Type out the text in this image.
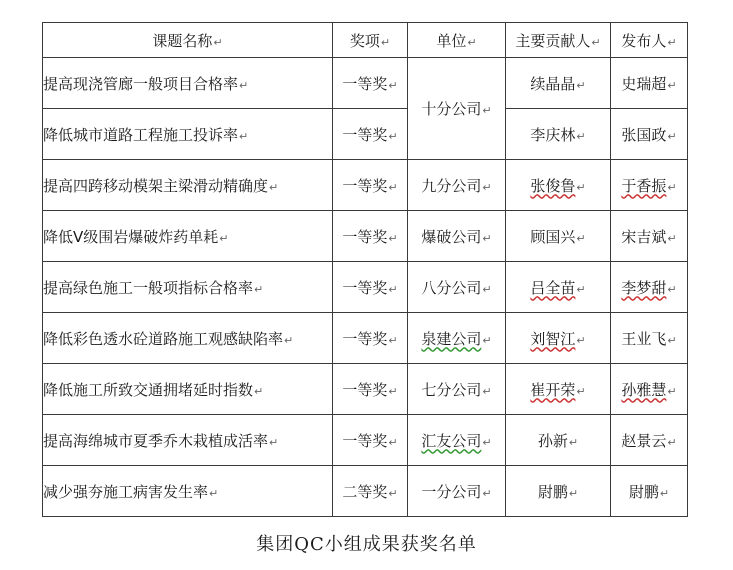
课题名称↵	奖项↵	单位↵	主要贡献人↵	发布人↵
提高现浇管廊一般项目合格率↵	一等奖↵	十分公司↵	续晶晶↵	史瑞超↵
降低城市道路工程施工投诉率↵	一等奖↵		李庆林↵	张国政↵
提高四跨移动模架主梁滑动精确度↵	一等奖↵	九分公司↵	张俊鲁↵	于香振↵
降低Ⅴ级围岩爆破炸药单耗↵	一等奖↵	爆破公司↵	顾国兴↵	宋吉斌↵
提高绿色施工一般项指标合格率↵	一等奖↵	八分公司↵	吕全苗↵	李梦甜↵
降低彩色透水砼道路施工观感缺陷率↵	一等奖↵	泉建公司↵	刘智江↵	王业飞↵
降低施工所致交通拥堵延时指数↵	一等奖↵	七分公司↵	崔开荣↵	孙雅慧↵
提高海绵城市夏季乔木栽植成活率↵	一等奖↵	汇友公司↵	孙新↵	赵景云↵
减少强夯施工病害发生率↵	二等奖↵	一分公司↵	尉鹏↵	尉鹏↵
集团QC小组成果获奖名单
